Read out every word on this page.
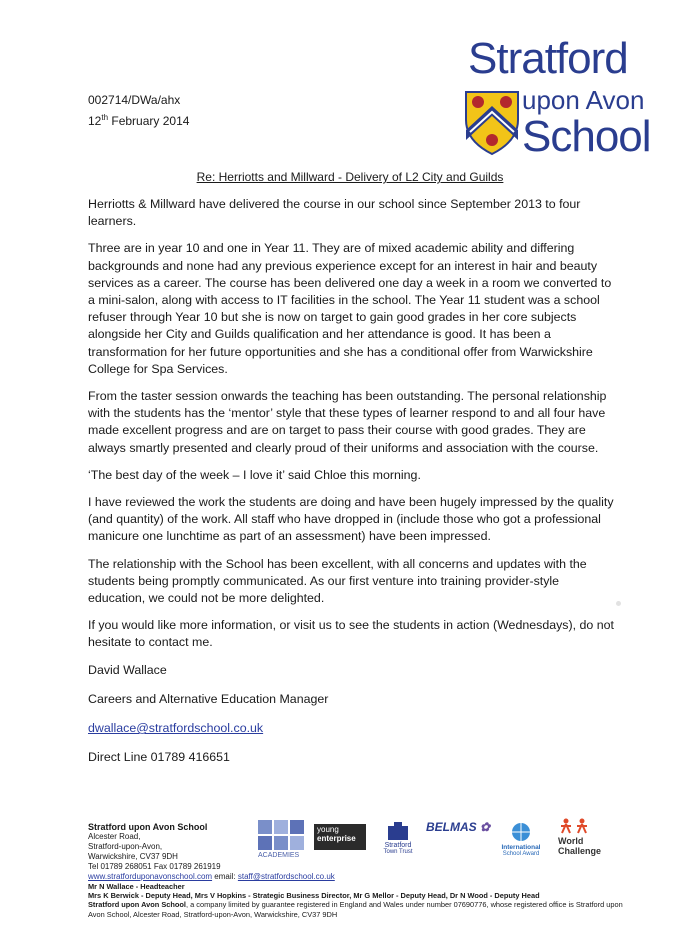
002714/DWa/ahx
12th February 2014
Stratford
upon Avon
School
Re: Herriotts and Millward - Delivery of L2 City and Guilds

Herriotts & Millward have delivered the course in our school since September 2013 to four learners.

Three are in year 10 and one in Year 11. They are of mixed academic ability and differing backgrounds and none had any previous experience except for an interest in hair and beauty services as a career. The course has been delivered one day a week in a room we converted to a mini-salon, along with access to IT facilities in the school. The Year 11 student was a school refuser through Year 10 but she is now on target to gain good grades in her core subjects alongside her City and Guilds qualification and her attendance is good. It has been a transformation for her future opportunities and she has a conditional offer from Warwickshire College for Spa Services.

From the taster session onwards the teaching has been outstanding. The personal relationship with the students has the ‘mentor’ style that these types of learner respond to and all four have made excellent progress and are on target to pass their course with good grades. They are always smartly presented and clearly proud of their uniforms and association with the course.

‘The best day of the week – I love it’ said Chloe this morning.

I have reviewed the work the students are doing and have been hugely impressed by the quality (and quantity) of the work. All staff who have dropped in (include those who got a professional manicure one lunchtime as part of an assessment) have been impressed.

The relationship with the School has been excellent, with all concerns and updates with the students being promptly communicated. As our first venture into training provider-style education, we could not be more delighted.

If you would like more information, or visit us to see the students in action (Wednesdays), do not hesitate to contact me.

David Wallace

Careers and Alternative Education Manager

dwallace@stratfordschool.co.uk

Direct Line 01789 416651

Stratford upon Avon School
Alcester Road,
Stratford-upon-Avon,
Warwickshire, CV37 9DH
Tel 01789 268051 Fax 01789 261919
www.stratforduponavonschool.com email: staff@stratfordschool.co.uk
ACADEMIES
young
enterprise
Stratford
Town Trust
BELMAS ✿
International
School Award
World
Challenge
Mr N Wallace - Headteacher
Mrs K Berwick - Deputy Head, Mrs V Hopkins - Strategic Business Director, Mr G Mellor - Deputy Head, Dr N Wood - Deputy Head
Stratford upon Avon School, a company limited by guarantee registered in England and Wales under number 07690776, whose registered office is Stratford upon Avon School, Alcester Road, Stratford-upon-Avon, Warwickshire, CV37 9DH
